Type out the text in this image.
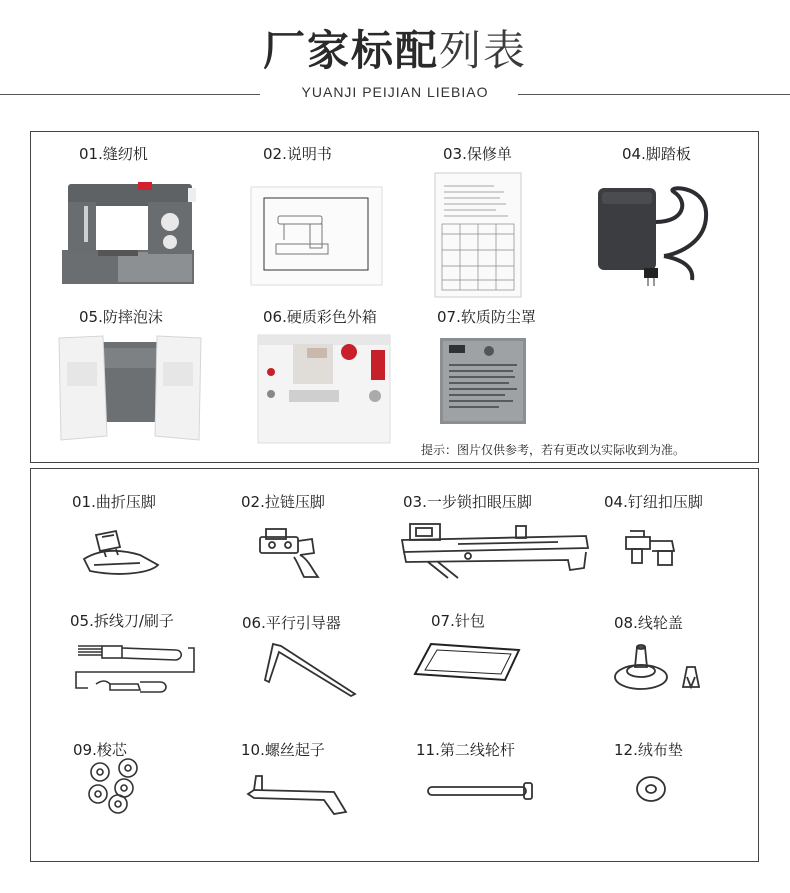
厂家标配列表
YUANJI PEIJIAN LIEBIAO
01.缝纫机	02.说明书	03.保修单	04.脚踏板
05.防摔泡沫	06.硬质彩色外箱	07.软质防尘罩
提示：图片仅供参考，若有更改以实际收到为准。
01.曲折压脚	02.拉链压脚	03.一步锁扣眼压脚	04.钉纽扣压脚
05.拆线刀/刷子	06.平行引导器	07.针包	08.线轮盖
09.梭芯	10.螺丝起子	11.第二线轮杆	12.绒布垫
